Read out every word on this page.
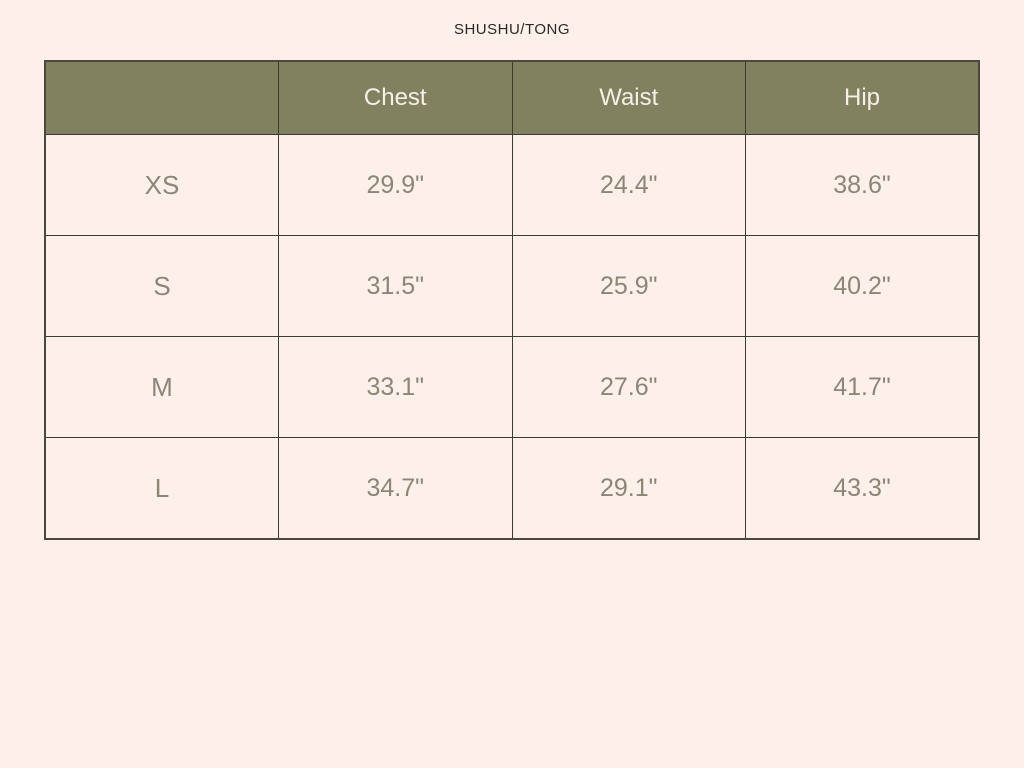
SHUSHU/TONG
	Chest	Waist	Hip
XS	29.9"	24.4"	38.6"
S	31.5"	25.9"	40.2"
M	33.1"	27.6"	41.7"
L	34.7"	29.1"	43.3"
